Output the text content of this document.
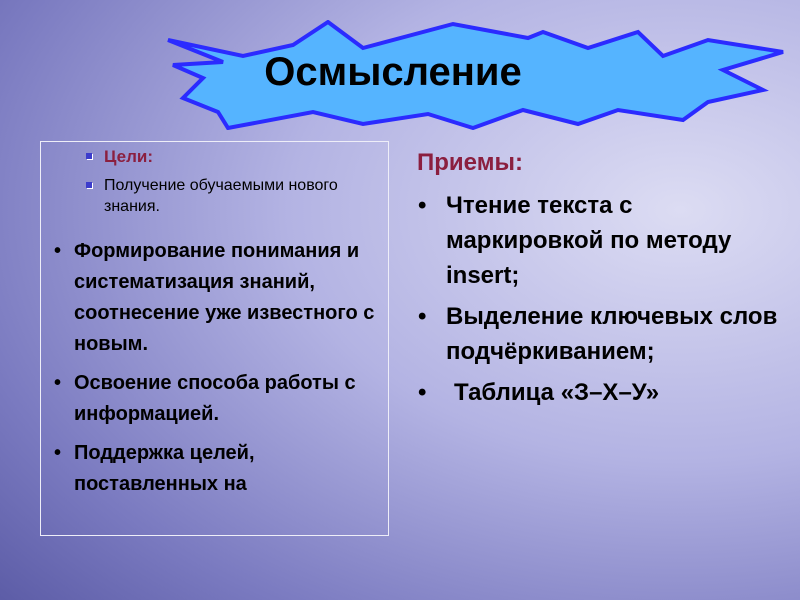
Осмысление
Цели:
Получение обучаемыми нового знания.
• Формирование понимания и систематизация знаний, соотнесение уже известного с новым.
• Освоение способа работы с информацией.
• Поддержка целей, поставленных на
Приемы:
• Чтение текста с маркировкой по методу insert;
• Выделение ключевых слов подчёркиванием;
•	Таблица «З–Х–У»
